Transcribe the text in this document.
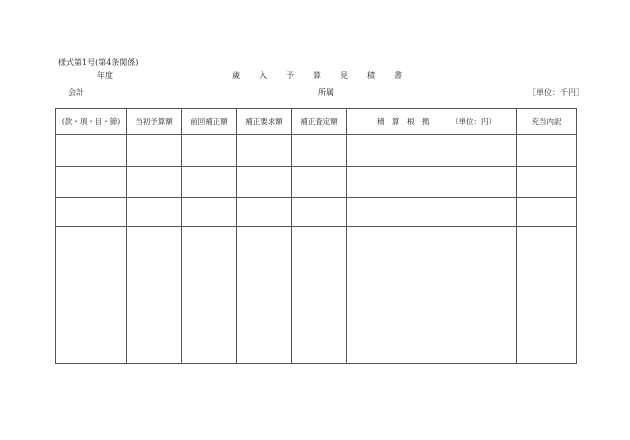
様式第1号(第4条関係)
年度	歳 入 予 算 見 積 書
会計	所属	［単位：千円］
(款・項・目・節)	当初予算額	前回補正額	補正要求額	補正査定額	積　算　根　拠 （単位：円）	充当内訳
